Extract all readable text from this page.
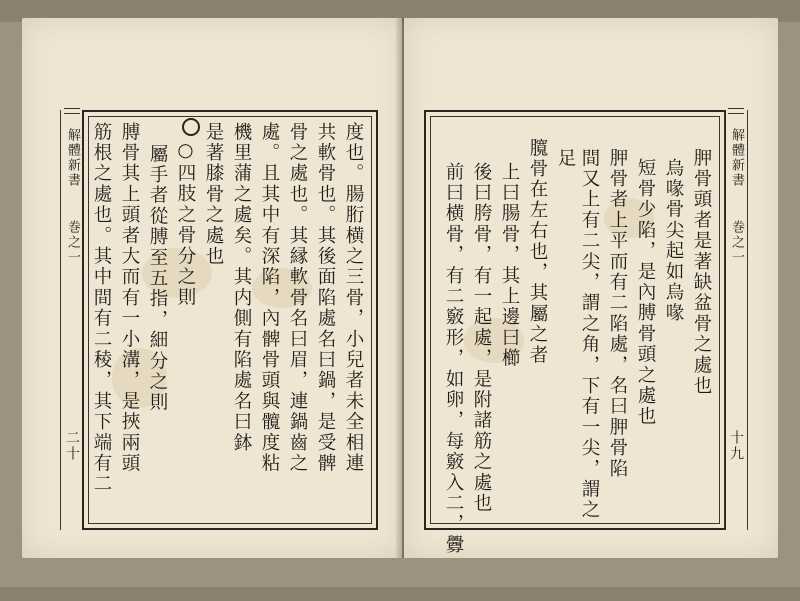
解體新書
巻之一
二十	度也。腸胻横之三骨，小兒者未全相連
共軟骨也。其後面陷處名曰鍋，是受髀
骨之處也。其縁軟骨名曰眉，連鍋齒之
處。且其中有深陷，內髀骨頭與髖度粘
機里蒲之處矣。其内側有陷處名曰鉢
是著膝骨之處也
○四肢之骨分之則
屬手者從膊至五指，細分之則
膊骨其上頭者大而有一小溝，是挾兩頭
筋根之處也。其中間有二稜，其下端有二	解體新書
巻之一
十九
胛骨頭者是著缺盆骨之處也
烏喙骨尖起如烏喙
短骨少陷，是內膊骨頭之處也
胛骨者上平而有二陷處，名曰胛骨陷
間又上有二尖，謂之角，下有一尖，謂之
足
臗骨在左右也，其屬之者
上曰腸骨，其上邊曰櫛
後曰胯骨，有一起處，是附諸筋之處也
前曰横骨，有二竅形，如卵，每竅入二，釁
